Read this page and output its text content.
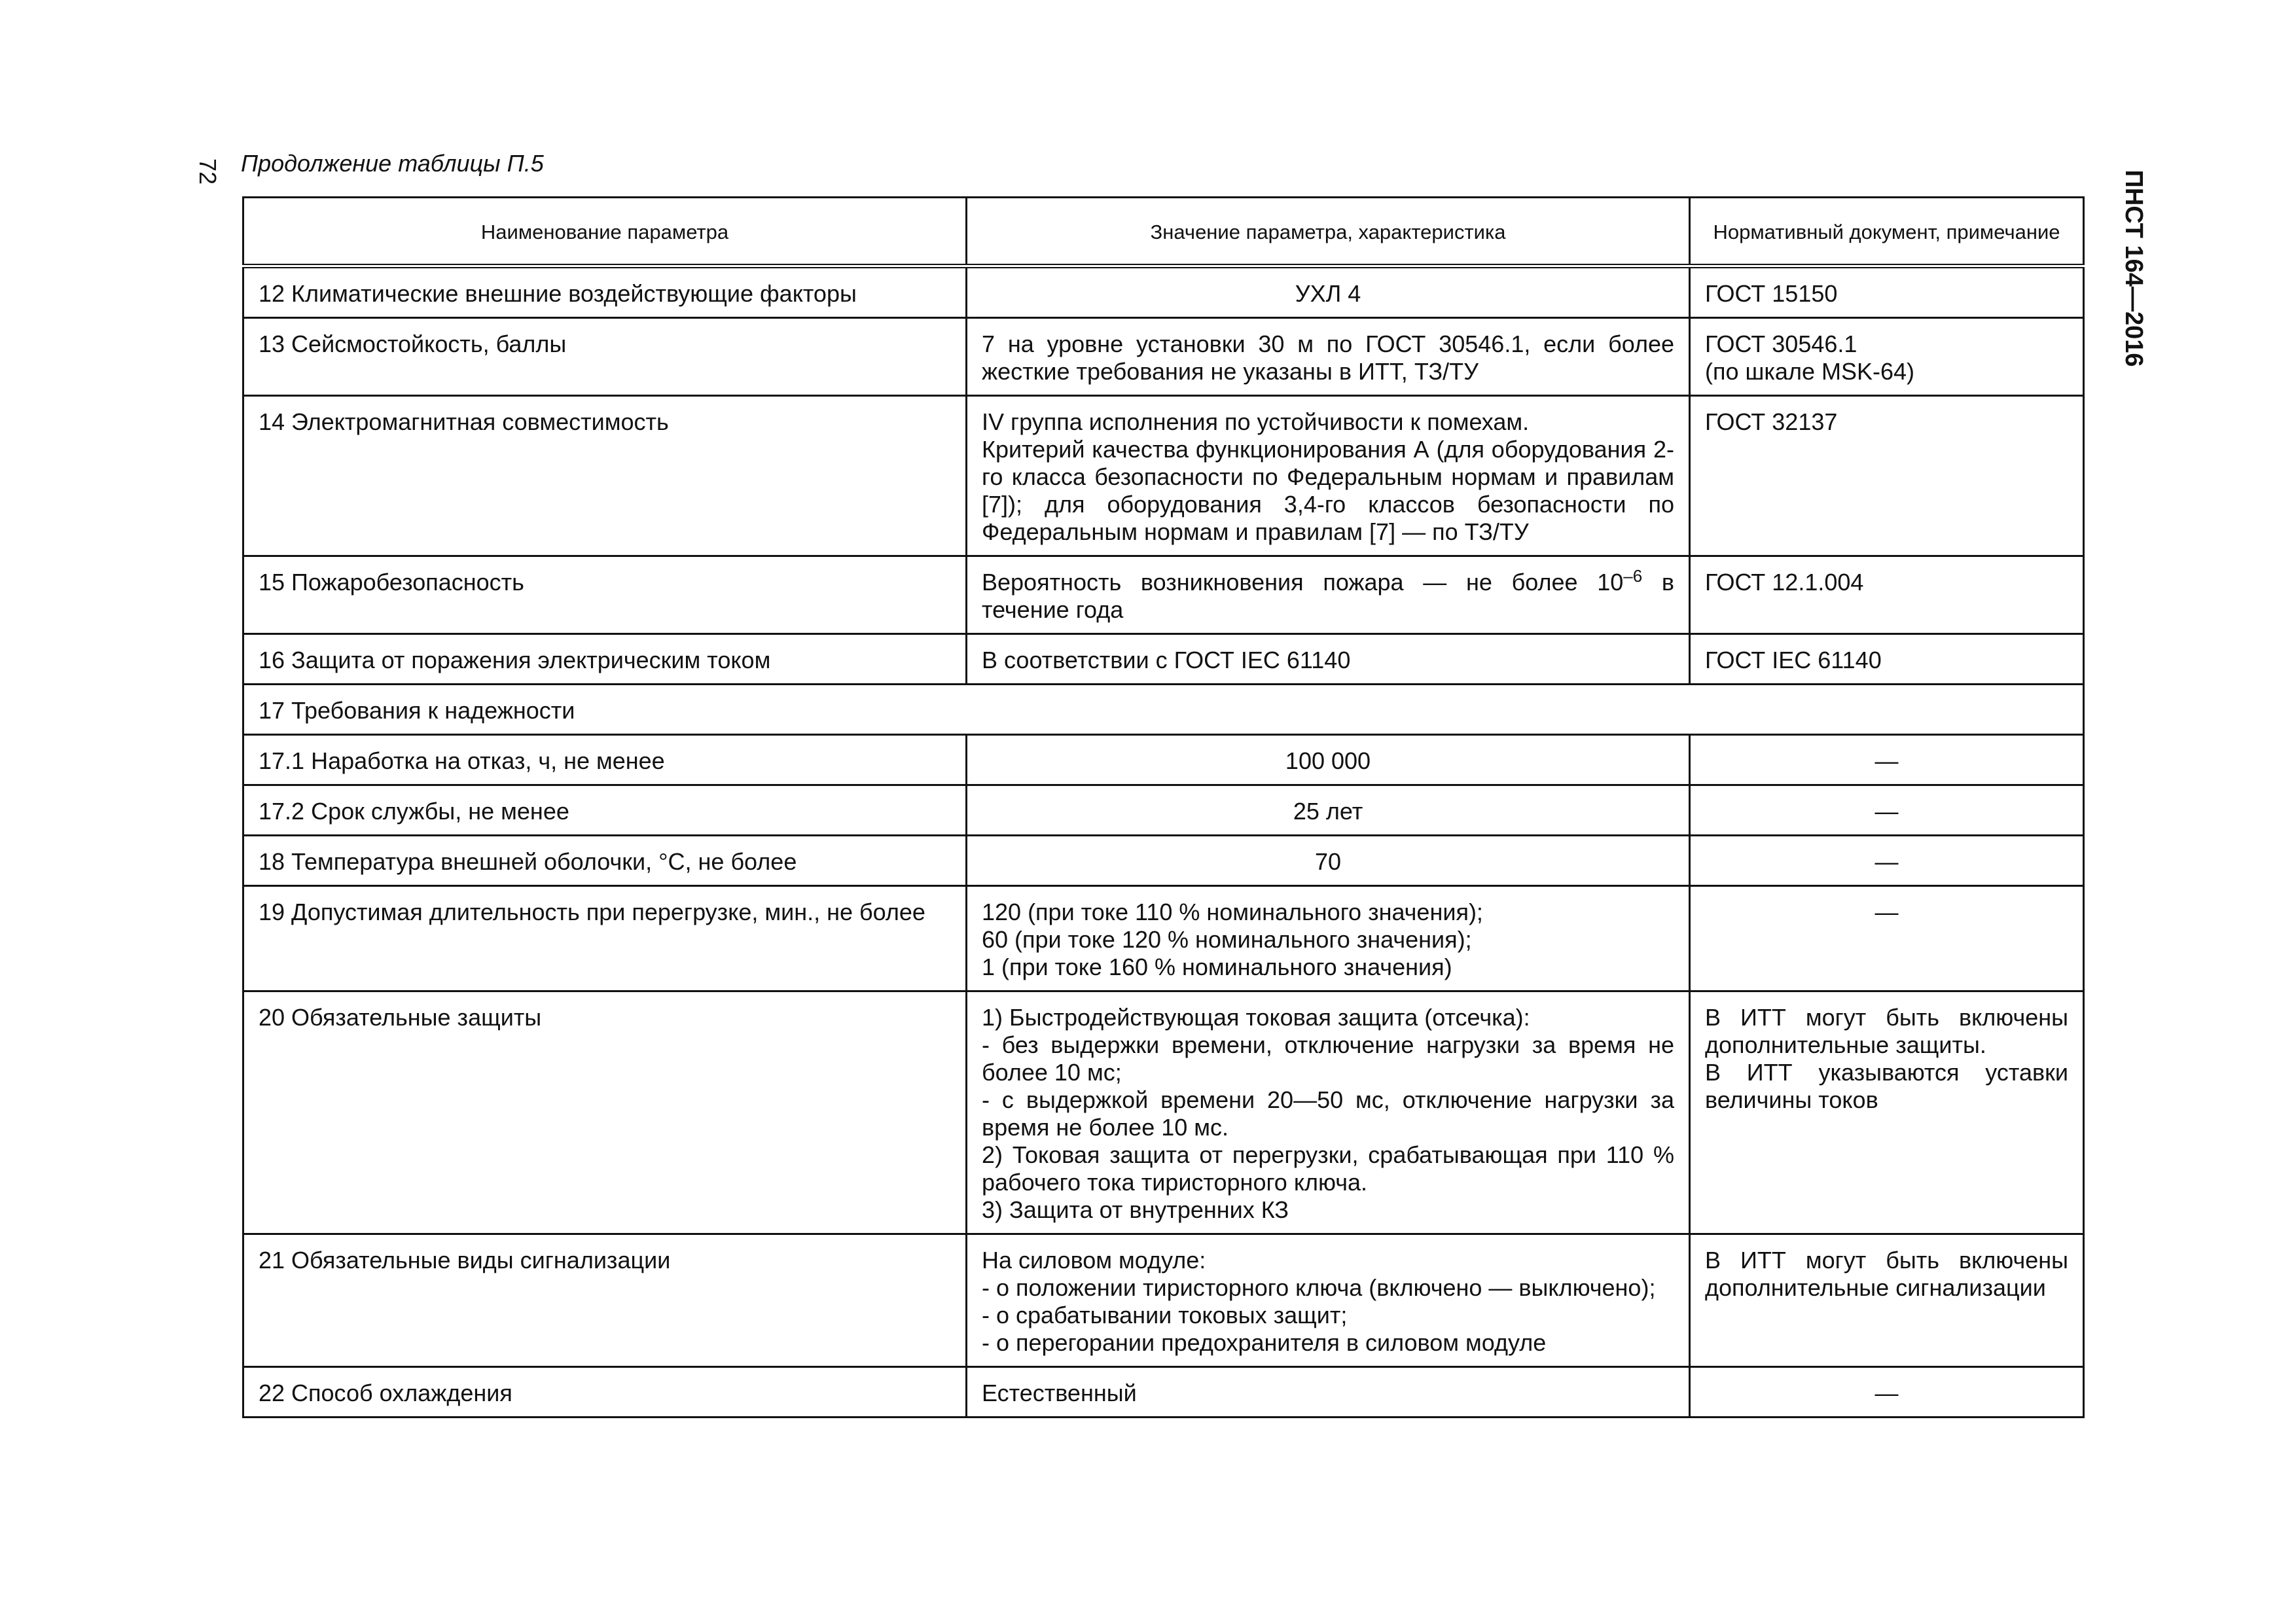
72 Продолжение таблицы П.5
ПНСТ 164—2016
Наименование параметра	Значение параметра, характеристика	Нормативный документ, примечание
12 Климатические внешние воздействующие факторы	УХЛ 4	ГОСТ 15150
13 Сейсмостойкость, баллы	7 на уровне установки 30 м по ГОСТ 30546.1, если более жесткие требования не указаны в ИТТ, ТЗ/ТУ	ГОСТ 30546.1
(по шкале MSK-64)
14 Электромагнитная совместимость	IV группа исполнения по устойчивости к помехам.
Критерий качества функционирования А (для оборудования 2-го класса безопасности по Федеральным нормам и правилам [7]); для оборудования 3,4-го классов безопасности по Федеральным нормам и правилам [7] — по ТЗ/ТУ	ГОСТ 32137
15 Пожаробезопасность	Вероятность возникновения пожара — не более $10^{-6}$ в течение года	ГОСТ 12.1.004
16 Защита от поражения электрическим током	В соответствии с ГОСТ IEC 61140	ГОСТ IEC 61140
17 Требования к надежности		
17.1 Наработка на отказ, ч, не менее	100 000	—
17.2 Срок службы, не менее	25 лет	—
18 Температура внешней оболочки, °С, не более	70	—
19 Допустимая длительность при перегрузке, мин., не более	120 (при токе 110 % номинального значения);
60 (при токе 120 % номинального значения);
1 (при токе 160 % номинального значения)	—
20 Обязательные защиты	1) Быстродействующая токовая защита (отсечка):
- без выдержки времени, отключение нагрузки за время не более 10 мс;
- с выдержкой времени 20—50 мс, отключение нагрузки за время не более 10 мс.
2) Токовая защита от перегрузки, срабатывающая при 110 % рабочего тока тиристорного ключа.
3) Защита от внутренних КЗ	В ИТТ могут быть включены дополнительные защиты.
В ИТТ указываются уставки величины токов
21 Обязательные виды сигнализации	На силовом модуле:
- о положении тиристорного ключа (включено — выключено);
- о срабатывании токовых защит;
- о перегорании предохранителя в силовом модуле	В ИТТ могут быть включены дополнительные сигнализации
22 Способ охлаждения	Естественный	—
